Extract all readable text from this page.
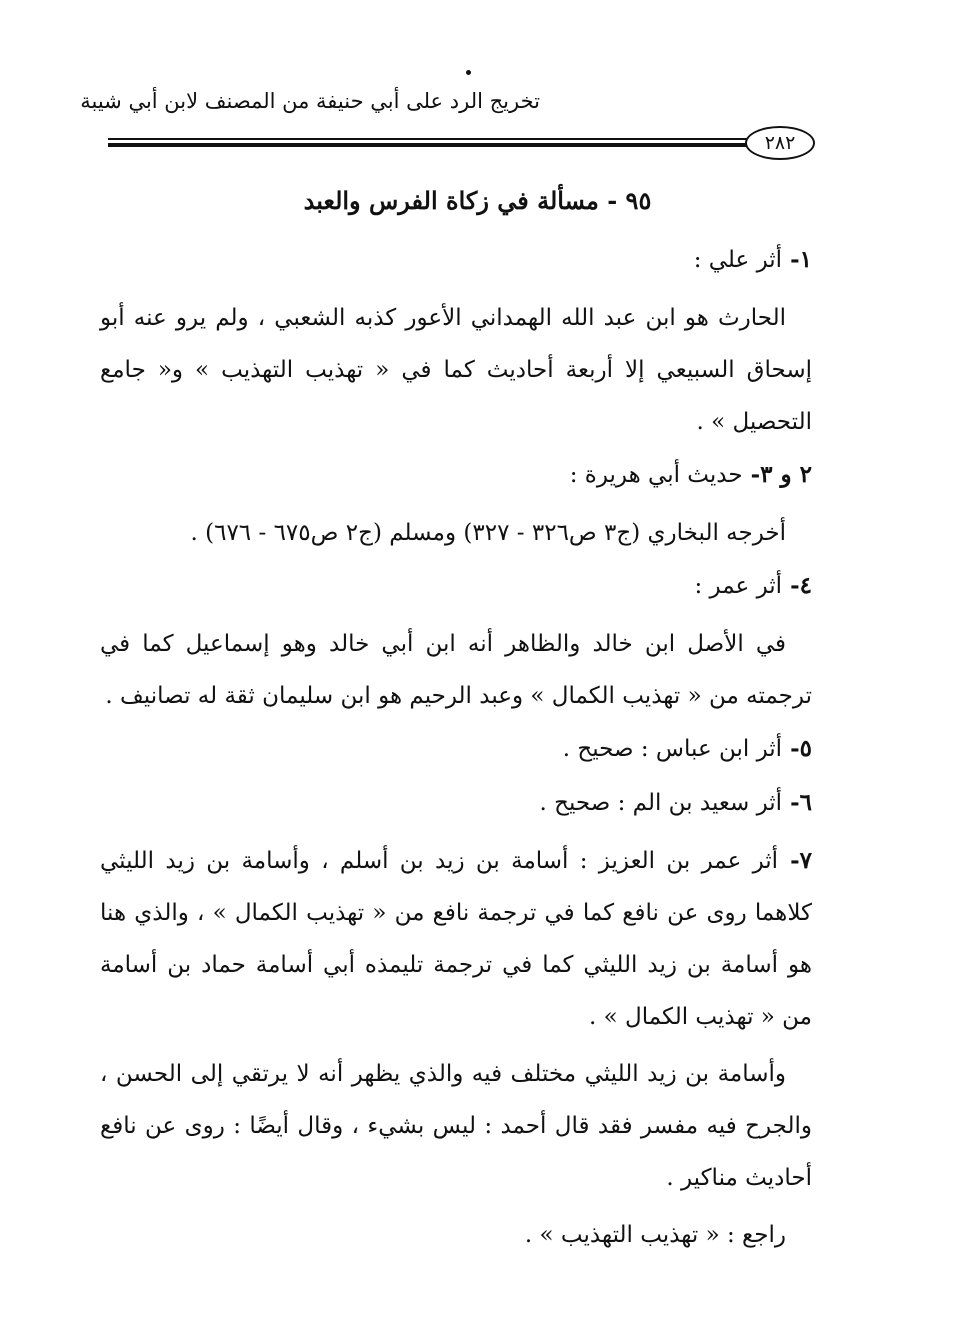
تخريج الرد على أبي حنيفة من المصنف لابن أبي شيبة
٢٨٢
٩٥ - مسألة في زكاة الفرس والعبد

١- أثر علي :

الحارث هو ابن عبد الله الهمداني الأعور كذبه الشعبي ، ولم يرو عنه أبو إسحاق السبيعي إلا أربعة أحاديث كما في « تهذيب التهذيب » و« جامع التحصيل » .

٢ و ٣- حديث أبي هريرة :

أخرجه البخاري (ج٣ ص٣٢٦ - ٣٢٧) ومسلم (ج٢ ص٦٧٥ - ٦٧٦) .

٤- أثر عمر :

في الأصل ابن خالد والظاهر أنه ابن أبي خالد وهو إسماعيل كما في ترجمته من « تهذيب الكمال » وعبد الرحيم هو ابن سليمان ثقة له تصانيف .

٥- أثر ابن عباس : صحيح .

٦- أثر سعيد بن الم : صحيح .

٧- أثر عمر بن العزيز : أسامة بن زيد بن أسلم ، وأسامة بن زيد الليثي كلاهما روى عن نافع كما في ترجمة نافع من « تهذيب الكمال » ، والذي هنا هو أسامة بن زيد الليثي كما في ترجمة تليمذه أبي أسامة حماد بن أسامة من « تهذيب الكمال » .

وأسامة بن زيد الليثي مختلف فيه والذي يظهر أنه لا يرتقي إلى الحسن ، والجرح فيه مفسر فقد قال أحمد : ليس بشيء ، وقال أيضًا : روى عن نافع أحاديث مناكير .

راجع : « تهذيب التهذيب » .
